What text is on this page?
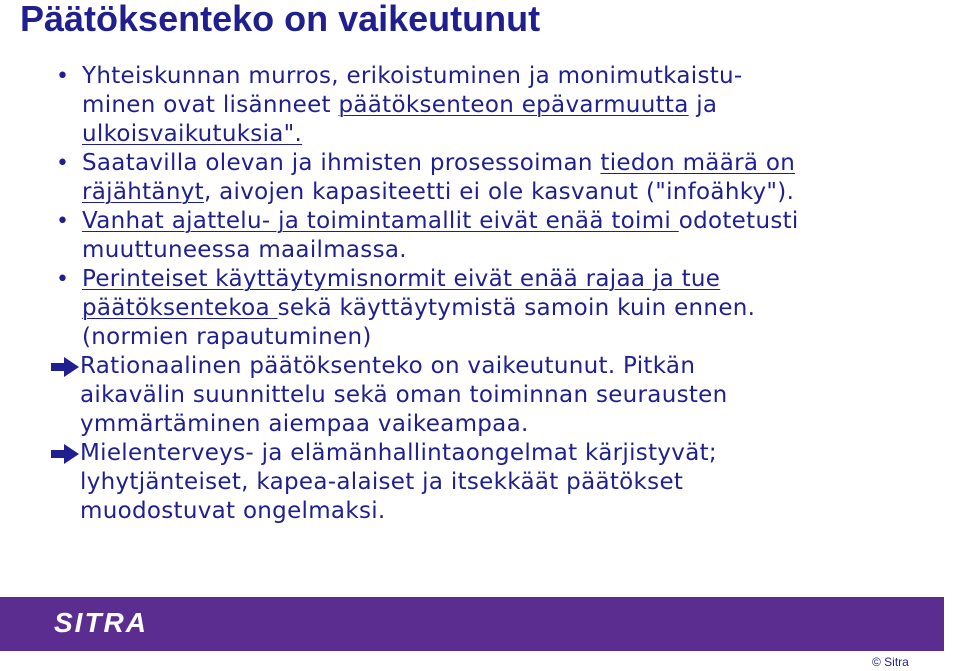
Päätöksenteko on vaikeutunut
• Yhteiskunnan murros, erikoistuminen ja monimutkaistu-
minen ovat lisänneet päätöksenteon epävarmuutta ja
ulkoisvaikutuksia".
• Saatavilla olevan ja ihmisten prosessoiman tiedon määrä on
räjähtänyt, aivojen kapasiteetti ei ole kasvanut ("infoähky").
• Vanhat ajattelu- ja toimintamallit eivät enää toimi odotetusti
muuttuneessa maailmassa.
• Perinteiset käyttäytymisnormit eivät enää rajaa ja tue
päätöksentekoa sekä käyttäytymistä samoin kuin ennen.
(normien rapautuminen)
Rationaalinen päätöksenteko on vaikeutunut. Pitkän
aikavälin suunnittelu sekä oman toiminnan seurausten
ymmärtäminen aiempaa vaikeampaa.
Mielenterveys- ja elämänhallintaongelmat kärjistyvät;
lyhytjänteiset, kapea-alaiset ja itsekkäät päätökset
muodostuvat ongelmaksi.
SITRA
© Sitra
